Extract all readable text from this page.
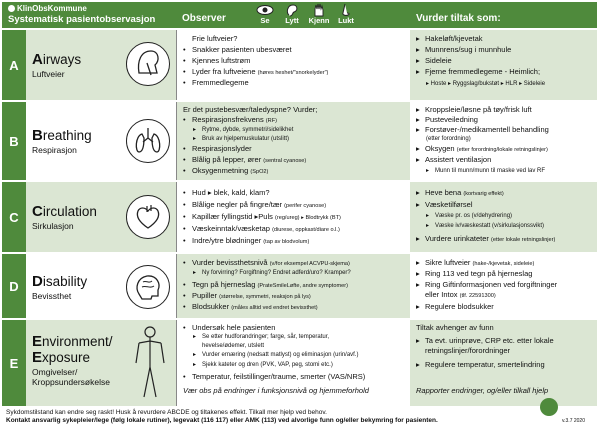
KlinObsKommune
Systematisk pasientobservasjon	Observer	Se	Lytt	Kjenn	Lukt	Vurder tiltak som:
A Airways
Luftveier
Frie luftveier?
• Snakker pasienten ubesværet
• Kjennes luftstrøm
• Lyder fra luftveiene (høres heshet/"snorkelyder")
• Fremmedlegeme
▸ Hakeløft/kjevetak
▸ Munnrens/sug i munnhule
▸ Sideleie
▸ Fjerne fremmedlegeme - Heimlich;
▸ Hoste ▸ Ryggslag/bukstøt ▸ HLR ▸ Sideleie
B Breathing
Respirasjon
Er det pustebesvær/taledyspne? Vurder;
• Respirasjonsfrekvens (RF)
▸ Rytme, dybde, symmetri/sidelikhet
▸ Bruk av hjelpemuskulatur (utslitt)
• Respirasjonslyder
• Blålig på lepper, ører (sentral cyanose)
• Oksygenmetning (SpO2)
▸ Kroppsleie/løsne på tøy/frisk luft
▸ Pusteveiledning
▸ Forstøver-/medikamentell behandling
(etter forordning)
▸ Oksygen (etter forordning/lokale retningslinjer)
▸ Assistert ventilasjon
▸ Munn til munn/munn til maske ved lav RF
C Circulation
Sirkulasjon
• Hud ▸ blek, kald, klam?
• Blålige negler på fingre/tær (perifer cyanose)
• Kapillær fyllingstid ▸Puls (reg/ureg) ▸ Blodtrykk (BT)
• Væskeinntak/væsketap (diurese, oppkast/diare o.l.)
• Indre/ytre blødninger (tap av blodvolum)
▸ Heve bena (kortvarig effekt)
▸ Væsketilførsel
▸ Væske pr. os (v/dehydrering)
▸ Væske iv/væskestatt (v/sirkulasjonssvikt)
▸ Vurdere urinkateter (etter lokale retningslinjer)
D Disability
Bevissthet
• Vurder bevissthetsnivå (v/for eksempel ACVPU-skjema)
▸ Ny forvirring? Forgiftning? Endret adferd/uro? Kramper?
• Tegn på hjerneslag (PrateSmileLøfte, andre symptomer)
• Pupiller (størrelse, symmetri, reaksjon på lys)
• Blodsukker (måles alltid ved endret bevissthet)
▸ Sikre luftveier (hake-/kjevetak, sideleie)
▸ Ring 113 ved tegn på hjerneslag
▸ Ring Giftinformasjonen ved forgiftninger
eller Intox (tlf. 22591300)
▸ Regulere blodsukker
E
Environment/
Exposure
Omgivelser/
Kroppsundersøkelse
• Undersøk hele pasienten
▸ Se etter hudforandringer; farge, sår, temperatur,
hevelse/ødemer, utslett
▸ Vurder ernæring (nedsatt matlyst) og eliminasjon (urin/avf.)
▸ Sjekk kateter og dren (PVK, VAP, peg, stomi etc.)
• Temperatur, feilstillinger/traume, smerter (VAS/NRS)
Vær obs på endringer i funksjonsnivå og hjemmeforhold
Tiltak avhenger av funn
▸ Ta evt. urinprøve, CRP etc. etter lokale
retningslinjer/forordninger
▸ Regulere temperatur, smertelindring
Rapporter endringer, og/eller tilkall hjelp
Sykdomstilstand kan endre seg raskt! Husk å revurdere ABCDE og tiltakenes effekt. Tilkall mer hjelp ved behov.
Kontakt ansvarlig sykepleier/lege (følg lokale rutiner), legevakt (116 117) eller AMK (113) ved alvorlige funn og/eller bekymring for pasienten.	v.3.7 2020
